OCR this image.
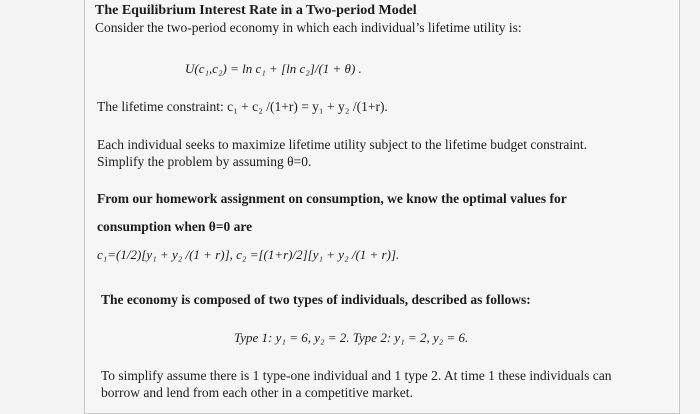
The Equilibrium Interest Rate in a Two-period Model
Consider the two-period economy in which each individual’s lifetime utility is:
U(c₁,c₂) = ln c₁ + [ln c₂]/(1 + θ) .
The lifetime constraint: c₁ + c₂ /(1+r) = y₁ + y₂ /(1+r).
Each individual seeks to maximize lifetime utility subject to the lifetime budget constraint.
Simplify the problem by assuming θ=0.
From our homework assignment on consumption, we know the optimal values for
consumption when θ=0 are
c₁=(1/2)[y₁ + y₂ /(1 + r)], c₂ =[(1+r)/2][y₁ + y₂ /(1 + r)].
The economy is composed of two types of individuals, described as follows:
Type 1: y₁ = 6, y₂ = 2. Type 2: y₁ = 2, y₂ = 6.
To simplify assume there is 1 type-one individual and 1 type 2. At time 1 these individuals can
borrow and lend from each other in a competitive market.
